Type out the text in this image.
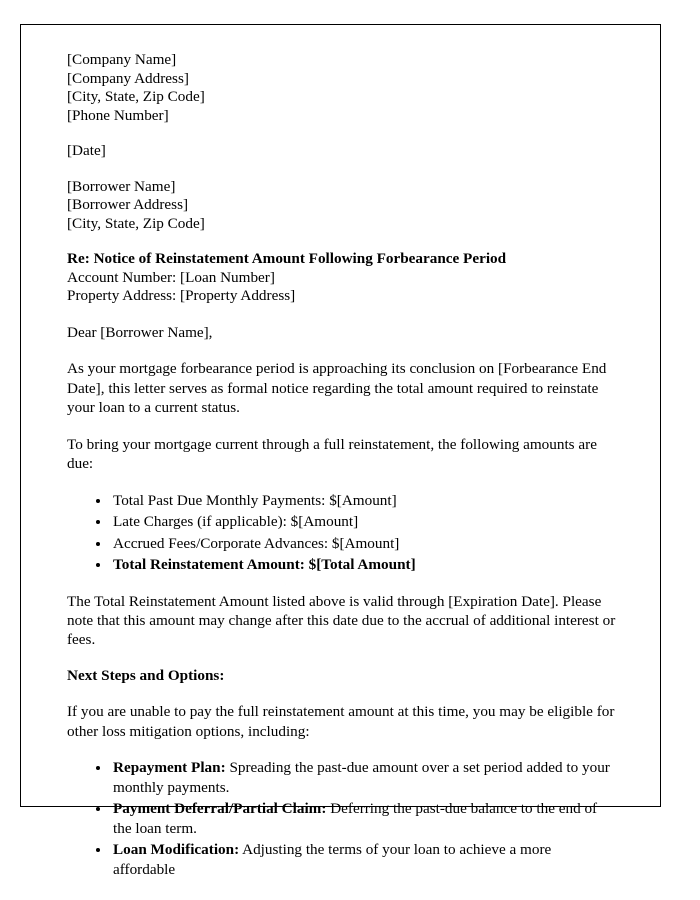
[Company Name]
[Company Address]
[City, State, Zip Code]
[Phone Number]
[Date]
[Borrower Name]
[Borrower Address]
[City, State, Zip Code]
Re: Notice of Reinstatement Amount Following Forbearance Period
Account Number: [Loan Number]
Property Address: [Property Address]

Dear [Borrower Name],

As your mortgage forbearance period is approaching its conclusion on [Forbearance End Date], this letter serves as formal notice regarding the total amount required to reinstate your loan to a current status.

To bring your mortgage current through a full reinstatement, the following amounts are due:

• Total Past Due Monthly Payments: $[Amount]
• Late Charges (if applicable): $[Amount]
• Accrued Fees/Corporate Advances: $[Amount]
• Total Reinstatement Amount: $[Total Amount]

The Total Reinstatement Amount listed above is valid through [Expiration Date]. Please note that this amount may change after this date due to the accrual of additional interest or fees.

Next Steps and Options:

If you are unable to pay the full reinstatement amount at this time, you may be eligible for other loss mitigation options, including:

• Repayment Plan: Spreading the past-due amount over a set period added to your monthly payments.
• Payment Deferral/Partial Claim: Deferring the past-due balance to the end of the loan term.
• Loan Modification: Adjusting the terms of your loan to achieve a more affordable
